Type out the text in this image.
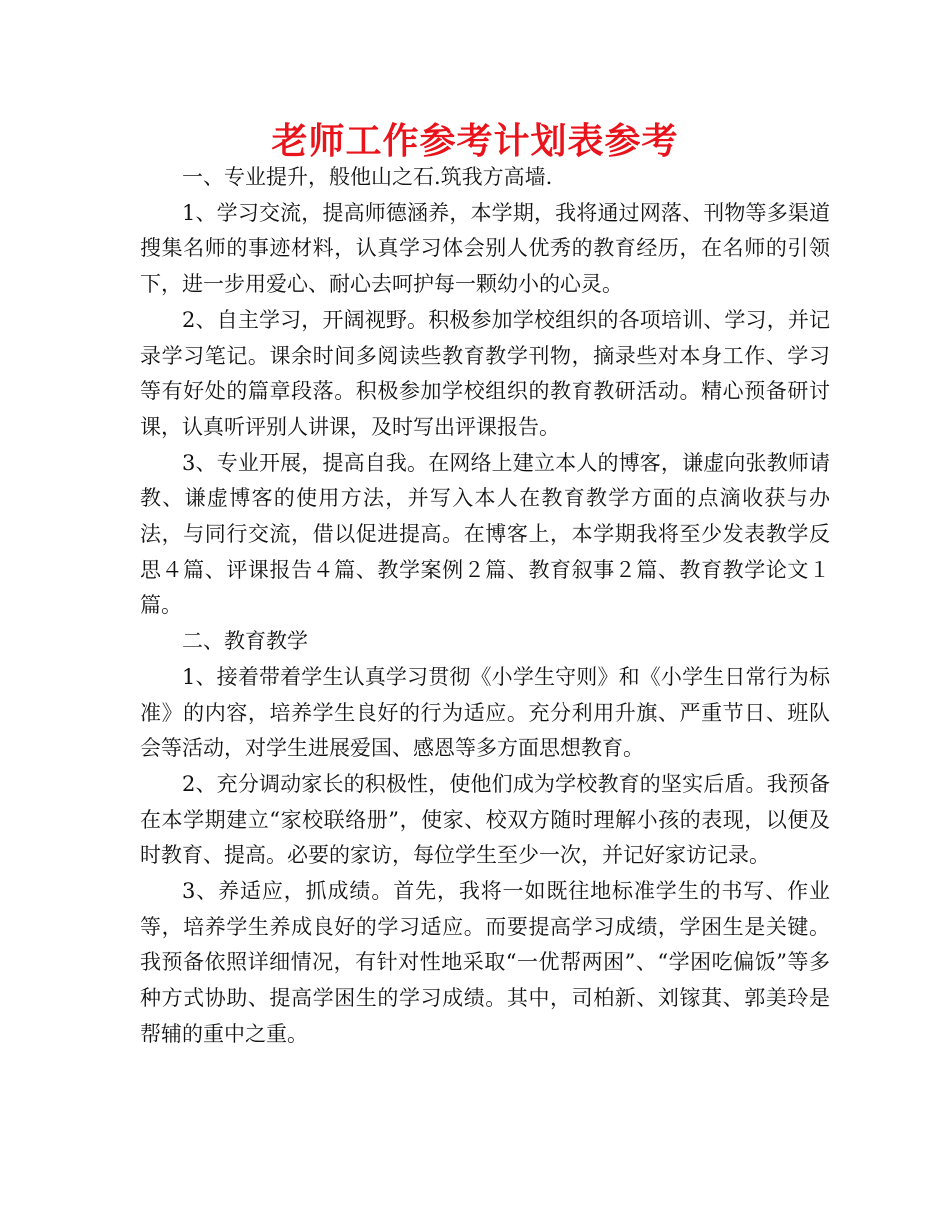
老师工作参考计划表参考

一、专业提升，般他山之石.筑我方高墙.

1、学习交流，提高师德涵养，本学期，我将通过网落、刊物等多渠道搜集名师的事迹材料，认真学习体会别人优秀的教育经历，在名师的引领下，进一步用爱心、耐心去呵护每一颗幼小的心灵。

2、自主学习，开阔视野。积极参加学校组织的各项培训、学习，并记录学习笔记。课余时间多阅读些教育教学刊物，摘录些对本身工作、学习等有好处的篇章段落。积极参加学校组织的教育教研活动。精心预备研讨课，认真听评别人讲课，及时写出评课报告。

3、专业开展，提高自我。在网络上建立本人的博客，谦虚向张教师请教、谦虚博客的使用方法，并写入本人在教育教学方面的点滴收获与办法，与同行交流，借以促进提高。在博客上，本学期我将至少发表教学反思４篇、评课报告４篇、教学案例２篇、教育叙事２篇、教育教学论文１篇。

二、教育教学

1、接着带着学生认真学习贯彻《小学生守则》和《小学生日常行为标准》的内容，培养学生良好的行为适应。充分利用升旗、严重节日、班队会等活动，对学生进展爱国、感恩等多方面思想教育。

2、充分调动家长的积极性，使他们成为学校教育的坚实后盾。我预备在本学期建立“家校联络册”，使家、校双方随时理解小孩的表现，以便及时教育、提高。必要的家访，每位学生至少一次，并记好家访记录。

3、养适应，抓成绩。首先，我将一如既往地标准学生的书写、作业等，培养学生养成良好的学习适应。而要提高学习成绩，学困生是关键。我预备依照详细情况，有针对性地采取“一优帮两困”、“学困吃偏饭”等多种方式协助、提高学困生的学习成绩。其中，司柏新、刘镓萁、郭美玲是帮辅的重中之重。
